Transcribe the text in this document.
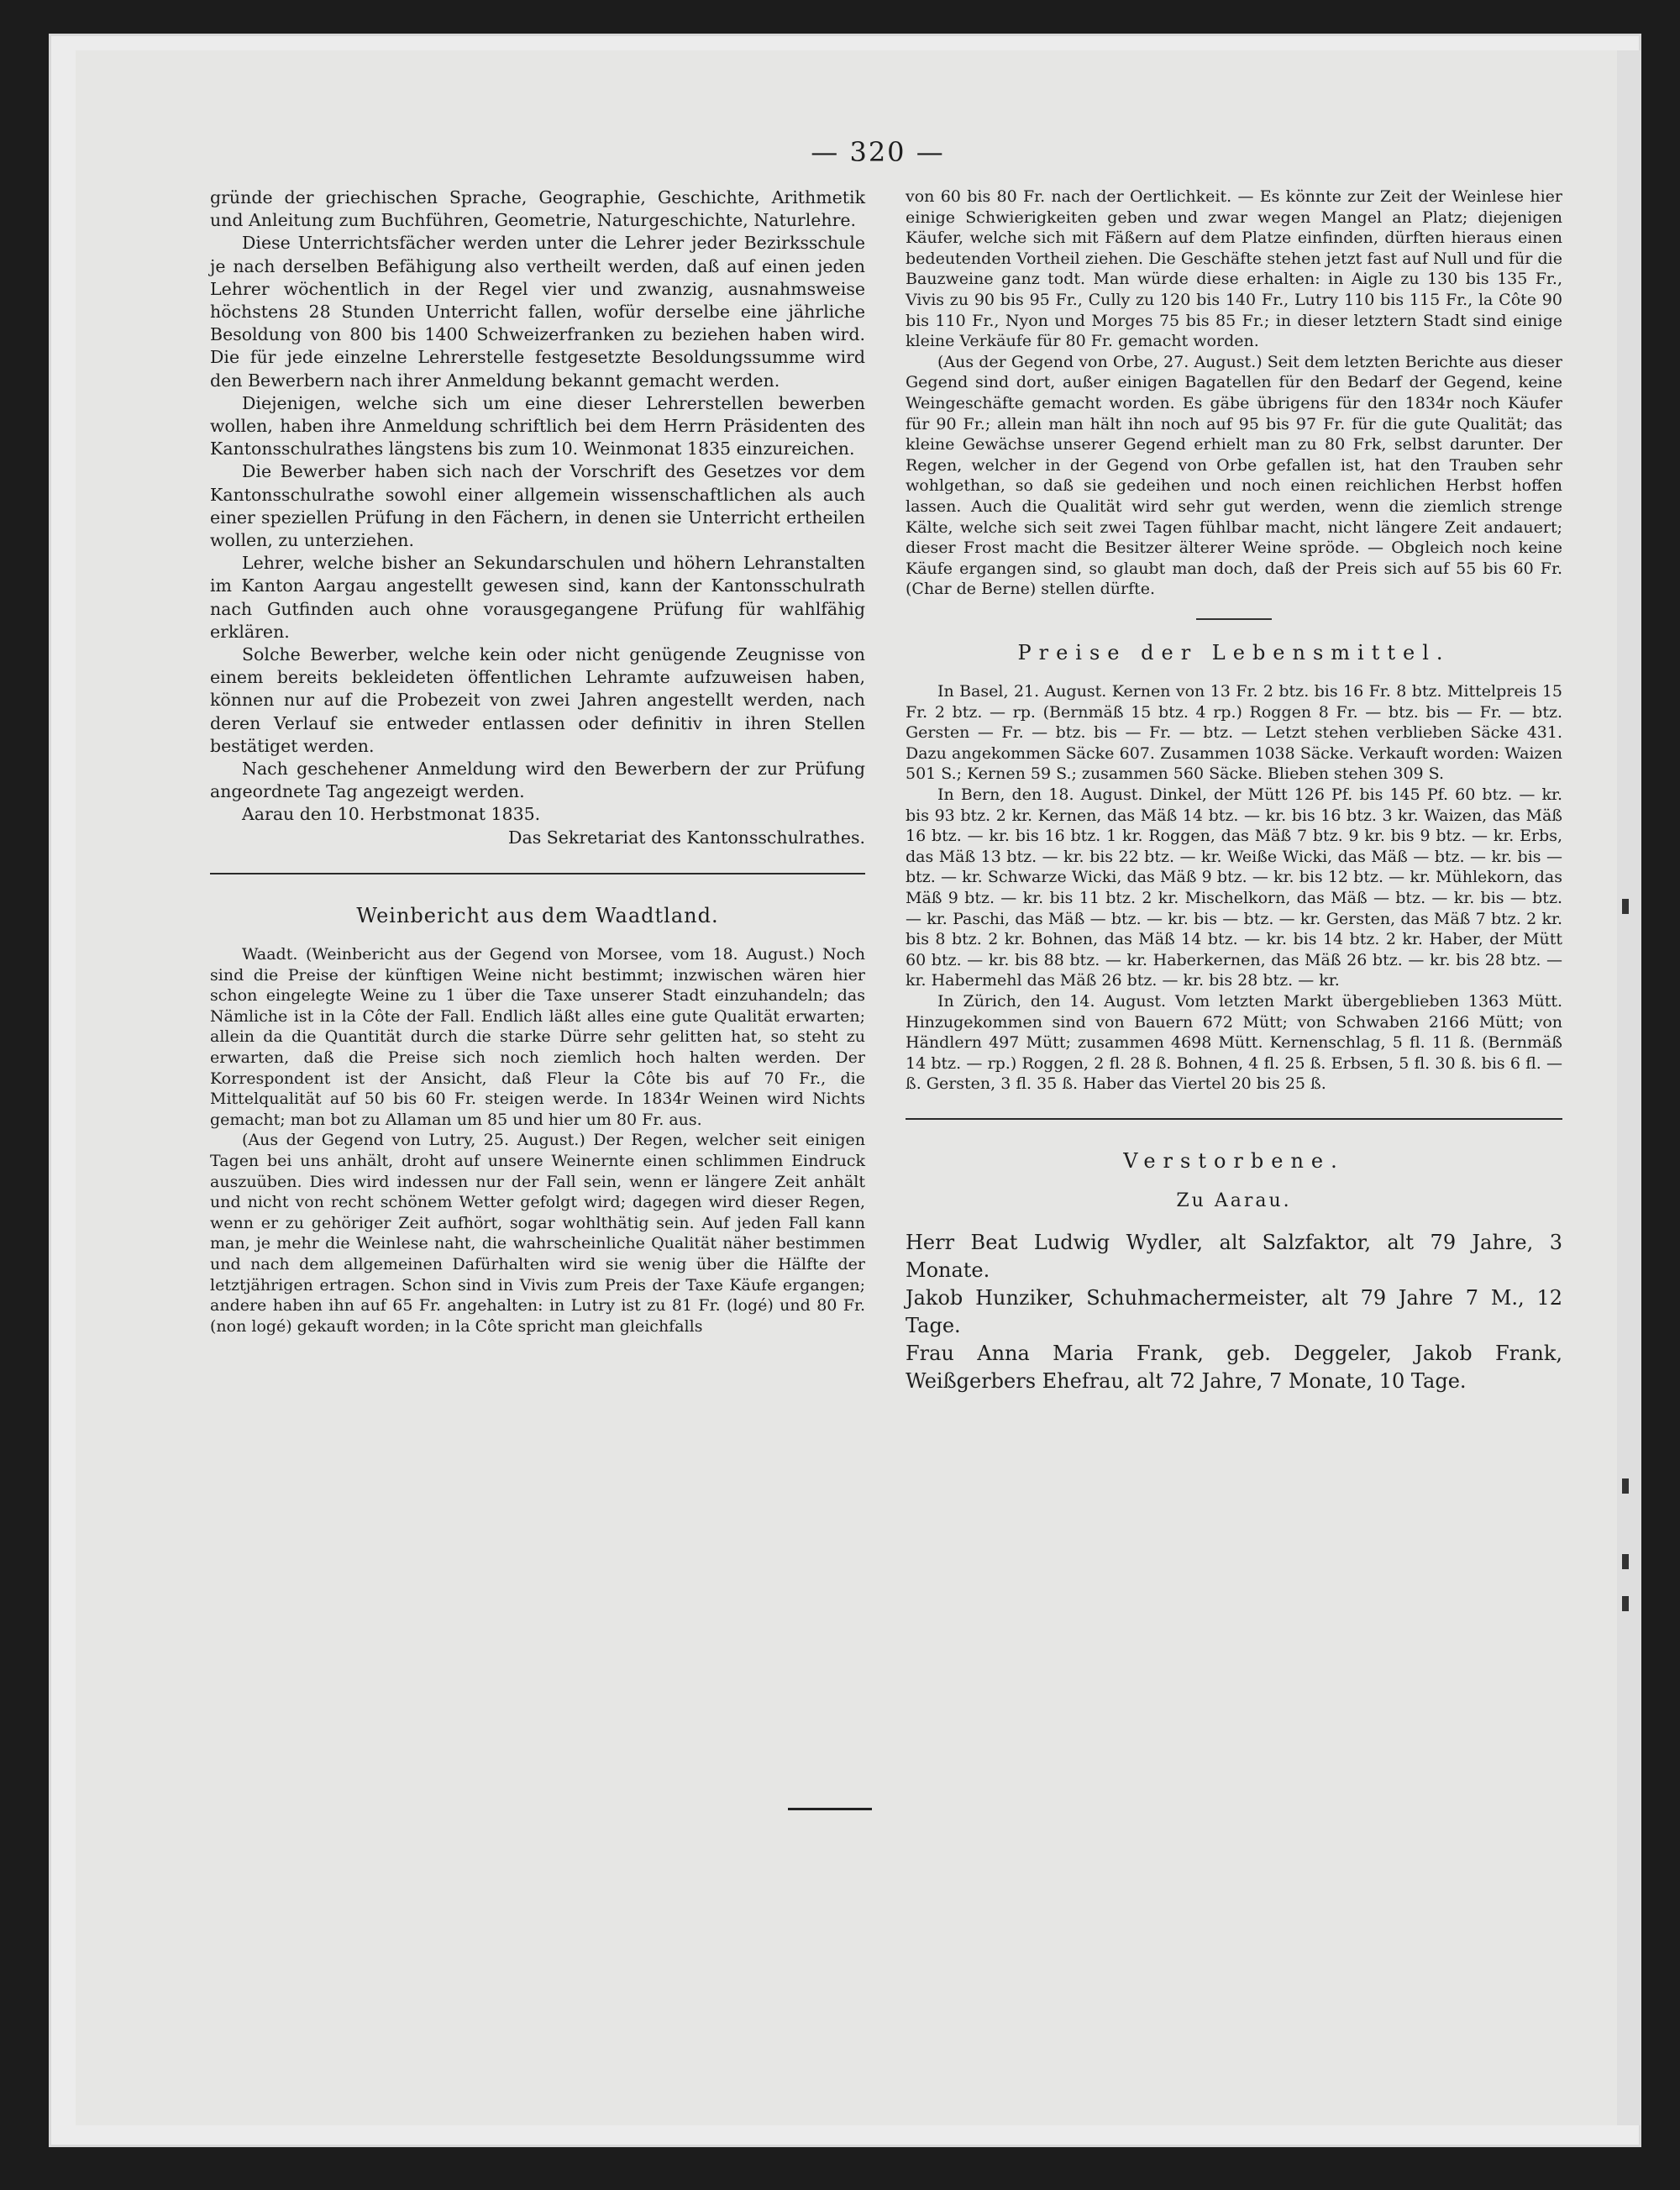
— 320 —

gründe der griechischen Sprache, Geographie, Geschichte, Arithmetik und Anleitung zum Buchführen, Geometrie, Naturgeschichte, Naturlehre.

Diese Unterrichtsfächer werden unter die Lehrer jeder Bezirksschule je nach derselben Befähigung also vertheilt werden, daß auf einen jeden Lehrer wöchentlich in der Regel vier und zwanzig, ausnahmsweise höchstens 28 Stunden Unterricht fallen, wofür derselbe eine jährliche Besoldung von 800 bis 1400 Schweizerfranken zu beziehen haben wird. Die für jede einzelne Lehrerstelle festgesetzte Besoldungssumme wird den Bewerbern nach ihrer Anmeldung bekannt gemacht werden.

Diejenigen, welche sich um eine dieser Lehrerstellen bewerben wollen, haben ihre Anmeldung schriftlich bei dem Herrn Präsidenten des Kantonsschulrathes längstens bis zum 10. Weinmonat 1835 einzureichen.

Die Bewerber haben sich nach der Vorschrift des Gesetzes vor dem Kantonsschulrathe sowohl einer allgemein wissenschaftlichen als auch einer speziellen Prüfung in den Fächern, in denen sie Unterricht ertheilen wollen, zu unterziehen.

Lehrer, welche bisher an Sekundarschulen und höhern Lehranstalten im Kanton Aargau angestellt gewesen sind, kann der Kantonsschulrath nach Gutfinden auch ohne vorausgegangene Prüfung für wahlfähig erklären.

Solche Bewerber, welche kein oder nicht genügende Zeugnisse von einem bereits bekleideten öffentlichen Lehramte aufzuweisen haben, können nur auf die Probezeit von zwei Jahren angestellt werden, nach deren Verlauf sie entweder entlassen oder definitiv in ihren Stellen bestätiget werden.

Nach geschehener Anmeldung wird den Bewerbern der zur Prüfung angeordnete Tag angezeigt werden.

Aarau den 10. Herbstmonat 1835.

Das Sekretariat des Kantonsschulrathes.

Weinbericht aus dem Waadtland.

Waadt. (Weinbericht aus der Gegend von Morsee, vom 18. August.) Noch sind die Preise der künftigen Weine nicht bestimmt; inzwischen wären hier schon eingelegte Weine zu 1 über die Taxe unserer Stadt einzuhandeln; das Nämliche ist in la Côte der Fall. Endlich läßt alles eine gute Qualität erwarten; allein da die Quantität durch die starke Dürre sehr gelitten hat, so steht zu erwarten, daß die Preise sich noch ziemlich hoch halten werden. Der Korrespondent ist der Ansicht, daß Fleur la Côte bis auf 70 Fr., die Mittelqualität auf 50 bis 60 Fr. steigen werde. In 1834r Weinen wird Nichts gemacht; man bot zu Allaman um 85 und hier um 80 Fr. aus.

(Aus der Gegend von Lutry, 25. August.) Der Regen, welcher seit einigen Tagen bei uns anhält, droht auf unsere Weinernte einen schlimmen Eindruck auszuüben. Dies wird indessen nur der Fall sein, wenn er längere Zeit anhält und nicht von recht schönem Wetter gefolgt wird; dagegen wird dieser Regen, wenn er zu gehöriger Zeit aufhört, sogar wohlthätig sein. Auf jeden Fall kann man, je mehr die Weinlese naht, die wahrscheinliche Qualität näher bestimmen und nach dem allgemeinen Dafürhalten wird sie wenig über die Hälfte der letztjährigen ertragen. Schon sind in Vivis zum Preis der Taxe Käufe ergangen; andere haben ihn auf 65 Fr. angehalten: in Lutry ist zu 81 Fr. (logé) und 80 Fr. (non logé) gekauft worden; in la Côte spricht man gleichfalls

von 60 bis 80 Fr. nach der Oertlichkeit. — Es könnte zur Zeit der Weinlese hier einige Schwierigkeiten geben und zwar wegen Mangel an Platz; diejenigen Käufer, welche sich mit Fäßern auf dem Platze einfinden, dürften hieraus einen bedeutenden Vortheil ziehen. Die Geschäfte stehen jetzt fast auf Null und für die Bauzweine ganz todt. Man würde diese erhalten: in Aigle zu 130 bis 135 Fr., Vivis zu 90 bis 95 Fr., Cully zu 120 bis 140 Fr., Lutry 110 bis 115 Fr., la Côte 90 bis 110 Fr., Nyon und Morges 75 bis 85 Fr.; in dieser letztern Stadt sind einige kleine Verkäufe für 80 Fr. gemacht worden.

(Aus der Gegend von Orbe, 27. August.) Seit dem letzten Berichte aus dieser Gegend sind dort, außer einigen Bagatellen für den Bedarf der Gegend, keine Weingeschäfte gemacht worden. Es gäbe übrigens für den 1834r noch Käufer für 90 Fr.; allein man hält ihn noch auf 95 bis 97 Fr. für die gute Qualität; das kleine Gewächse unserer Gegend erhielt man zu 80 Frk, selbst darunter. Der Regen, welcher in der Gegend von Orbe gefallen ist, hat den Trauben sehr wohlgethan, so daß sie gedeihen und noch einen reichlichen Herbst hoffen lassen. Auch die Qualität wird sehr gut werden, wenn die ziemlich strenge Kälte, welche sich seit zwei Tagen fühlbar macht, nicht längere Zeit andauert; dieser Frost macht die Besitzer älterer Weine spröde. — Obgleich noch keine Käufe ergangen sind, so glaubt man doch, daß der Preis sich auf 55 bis 60 Fr. (Char de Berne) stellen dürfte.

Preise der Lebensmittel.

In Basel, 21. August. Kernen von 13 Fr. 2 btz. bis 16 Fr. 8 btz. Mittelpreis 15 Fr. 2 btz. — rp. (Bernmäß 15 btz. 4 rp.) Roggen 8 Fr. — btz. bis — Fr. — btz. Gersten — Fr. — btz. bis — Fr. — btz. — Letzt stehen verblieben Säcke 431. Dazu angekommen Säcke 607. Zusammen 1038 Säcke. Verkauft worden: Waizen 501 S.; Kernen 59 S.; zusammen 560 Säcke. Blieben stehen 309 S.

In Bern, den 18. August. Dinkel, der Mütt 126 Pf. bis 145 Pf. 60 btz. — kr. bis 93 btz. 2 kr. Kernen, das Mäß 14 btz. — kr. bis 16 btz. 3 kr. Waizen, das Mäß 16 btz. — kr. bis 16 btz. 1 kr. Roggen, das Mäß 7 btz. 9 kr. bis 9 btz. — kr. Erbs, das Mäß 13 btz. — kr. bis 22 btz. — kr. Weiße Wicki, das Mäß — btz. — kr. bis — btz. — kr. Schwarze Wicki, das Mäß 9 btz. — kr. bis 12 btz. — kr. Mühlekorn, das Mäß 9 btz. — kr. bis 11 btz. 2 kr. Mischelkorn, das Mäß — btz. — kr. bis — btz. — kr. Paschi, das Mäß — btz. — kr. bis — btz. — kr. Gersten, das Mäß 7 btz. 2 kr. bis 8 btz. 2 kr. Bohnen, das Mäß 14 btz. — kr. bis 14 btz. 2 kr. Haber, der Mütt 60 btz. — kr. bis 88 btz. — kr. Haberkernen, das Mäß 26 btz. — kr. bis 28 btz. — kr. Habermehl das Mäß 26 btz. — kr. bis 28 btz. — kr.

In Zürich, den 14. August. Vom letzten Markt übergeblieben 1363 Mütt. Hinzugekommen sind von Bauern 672 Mütt; von Schwaben 2166 Mütt; von Händlern 497 Mütt; zusammen 4698 Mütt. Kernenschlag, 5 fl. 11 ß. (Bernmäß 14 btz. — rp.) Roggen, 2 fl. 28 ß. Bohnen, 4 fl. 25 ß. Erbsen, 5 fl. 30 ß. bis 6 fl. — ß. Gersten, 3 fl. 35 ß. Haber das Viertel 20 bis 25 ß.

Verstorbene.
Zu Aarau.

Herr Beat Ludwig Wydler, alt Salzfaktor, alt 79 Jahre, 3 Monate.

Jakob Hunziker, Schuhmachermeister, alt 79 Jahre 7 M., 12 Tage.

Frau Anna Maria Frank, geb. Deggeler, Jakob Frank, Weißgerbers Ehefrau, alt 72 Jahre, 7 Monate, 10 Tage.
